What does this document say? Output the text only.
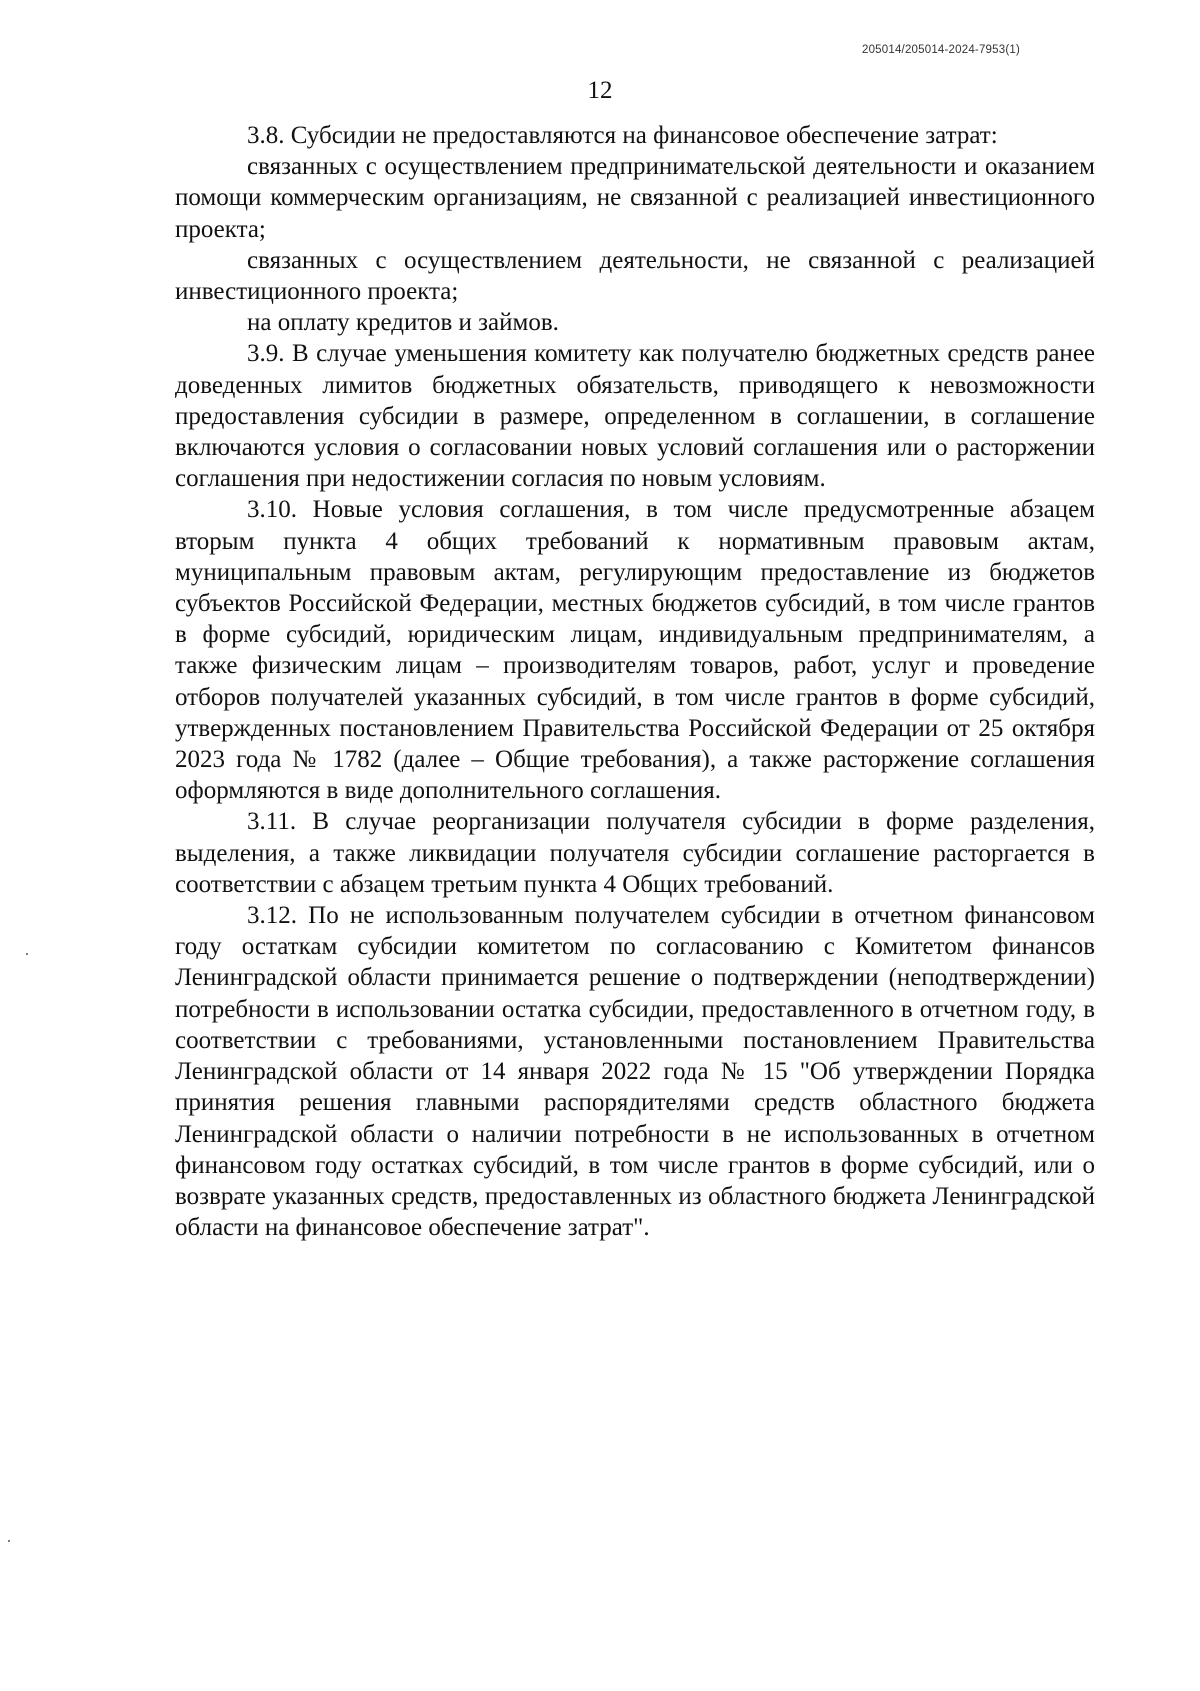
205014/205014-2024-7953(1)
12

3.8. Субсидии не предоставляются на финансовое обеспечение затрат:

связанных с осуществлением предпринимательской деятельности и оказанием помощи коммерческим организациям, не связанной с реализацией инвестиционного проекта;

связанных с осуществлением деятельности, не связанной с реализацией инвестиционного проекта;

на оплату кредитов и займов.

3.9. В случае уменьшения комитету как получателю бюджетных средств ранее доведенных лимитов бюджетных обязательств, приводящего к невозможности предоставления субсидии в размере, определенном в соглашении, в соглашение включаются условия о согласовании новых условий соглашения или о расторжении соглашения при недостижении согласия по новым условиям.

3.10. Новые условия соглашения, в том числе предусмотренные абзацем вторым пункта 4 общих требований к нормативным правовым актам, муниципальным правовым актам, регулирующим предоставление из бюджетов субъектов Российской Федерации, местных бюджетов субсидий, в том числе грантов в форме субсидий, юридическим лицам, индивидуальным предпринимателям, а также физическим лицам – производителям товаров, работ, услуг и проведение отборов получателей указанных субсидий, в том числе грантов в форме субсидий, утвержденных постановлением Правительства Российской Федерации от 25 октября 2023 года № 1782 (далее – Общие требования), а также расторжение соглашения оформляются в виде дополнительного соглашения.

3.11. В случае реорганизации получателя субсидии в форме разделения, выделения, а также ликвидации получателя субсидии соглашение расторгается в соответствии с абзацем третьим пункта 4 Общих требований.

3.12. По не использованным получателем субсидии в отчетном финансовом году остаткам субсидии комитетом по согласованию с Комитетом финансов Ленинградской области принимается решение о подтверждении (неподтверждении) потребности в использовании остатка субсидии, предоставленного в отчетном году, в соответствии с требованиями, установленными постановлением Правительства Ленинградской области от 14 января 2022 года № 15 "Об утверждении Порядка принятия решения главными распорядителями средств областного бюджета Ленинградской области о наличии потребности в не использованных в отчетном финансовом году остатках субсидий, в том числе грантов в форме субсидий, или о возврате указанных средств, предоставленных из областного бюджета Ленинградской области на финансовое обеспечение затрат".
